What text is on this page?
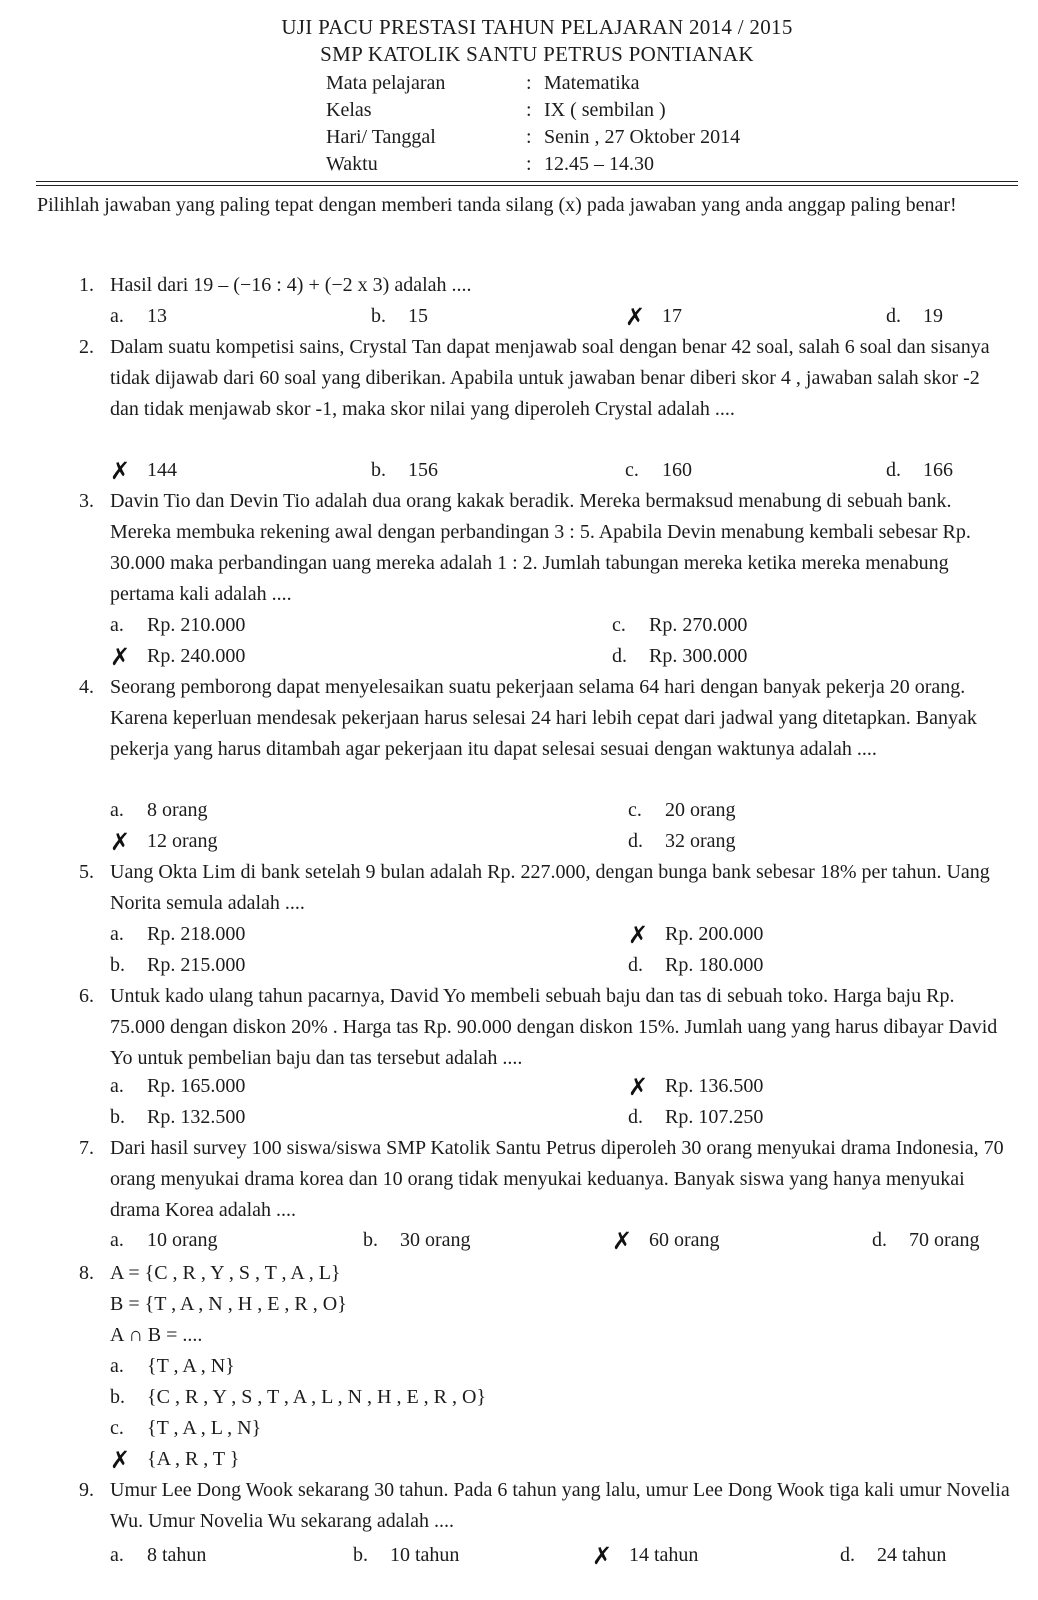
UJI PACU PRESTASI TAHUN PELAJARAN 2014 / 2015
SMP KATOLIK SANTU PETRUS PONTIANAK
Mata pelajaran	: Matematika
Kelas	: IX ( sembilan )
Hari/ Tanggal	: Senin , 27 Oktober 2014
Waktu	: 12.45 – 14.30
Pilihlah jawaban yang paling tepat dengan memberi tanda silang (x) pada jawaban yang anda anggap paling benar!
1. Hasil dari 19 – (−16 : 4) + (−2 x 3) adalah ....
a. 13	b. 15	✗ 17	d. 19
2. Dalam suatu kompetisi sains, Crystal Tan dapat menjawab soal dengan benar 42 soal, salah 6 soal dan sisanya tidak dijawab dari 60 soal yang diberikan. Apabila untuk jawaban benar diberi skor 4 , jawaban salah skor -2 dan tidak menjawab skor -1, maka skor nilai yang diperoleh Crystal adalah ....
✗ 144	b. 156	c. 160	d. 166
3. Davin Tio dan Devin Tio adalah dua orang kakak beradik. Mereka bermaksud menabung di sebuah bank. Mereka membuka rekening awal dengan perbandingan 3 : 5. Apabila Devin menabung kembali sebesar Rp. 30.000 maka perbandingan uang mereka adalah 1 : 2. Jumlah tabungan mereka ketika mereka menabung pertama kali adalah ....
a. Rp. 210.000	c. Rp. 270.000
✗ Rp. 240.000	d. Rp. 300.000
4. Seorang pemborong dapat menyelesaikan suatu pekerjaan selama 64 hari dengan banyak pekerja 20 orang. Karena keperluan mendesak pekerjaan harus selesai 24 hari lebih cepat dari jadwal yang ditetapkan. Banyak pekerja yang harus ditambah agar pekerjaan itu dapat selesai sesuai dengan waktunya adalah ....
a. 8 orang	c. 20 orang
✗ 12 orang	d. 32 orang
5. Uang Okta Lim di bank setelah 9 bulan adalah Rp. 227.000, dengan bunga bank sebesar 18% per tahun. Uang Norita semula adalah ....
a. Rp. 218.000	✗ Rp. 200.000
b. Rp. 215.000	d. Rp. 180.000
6. Untuk kado ulang tahun pacarnya, David Yo membeli sebuah baju dan tas di sebuah toko. Harga baju Rp. 75.000 dengan diskon 20% . Harga tas Rp. 90.000 dengan diskon 15%. Jumlah uang yang harus dibayar David Yo untuk pembelian baju dan tas tersebut adalah ....
a. Rp. 165.000	✗ Rp. 136.500
b. Rp. 132.500	d. Rp. 107.250
7. Dari hasil survey 100 siswa/siswa SMP Katolik Santu Petrus diperoleh 30 orang menyukai drama Indonesia, 70 orang menyukai drama korea dan 10 orang tidak menyukai keduanya. Banyak siswa yang hanya menyukai drama Korea adalah ....
a. 10 orang	b. 30 orang	✗ 60 orang	d. 70 orang
8. A = {C , R , Y , S , T , A , L}
B = {T , A , N , H , E , R , O}
A ∩ B = ....
a. {T , A , N}
b. {C , R , Y , S , T , A , L , N , H , E , R , O}
c. {T , A , L , N}
✗ {A , R , T }
9. Umur Lee Dong Wook sekarang 30 tahun. Pada 6 tahun yang lalu, umur Lee Dong Wook tiga kali umur Novelia Wu. Umur Novelia Wu sekarang adalah ....
a. 8 tahun	b. 10 tahun	✗ 14 tahun	d. 24 tahun
